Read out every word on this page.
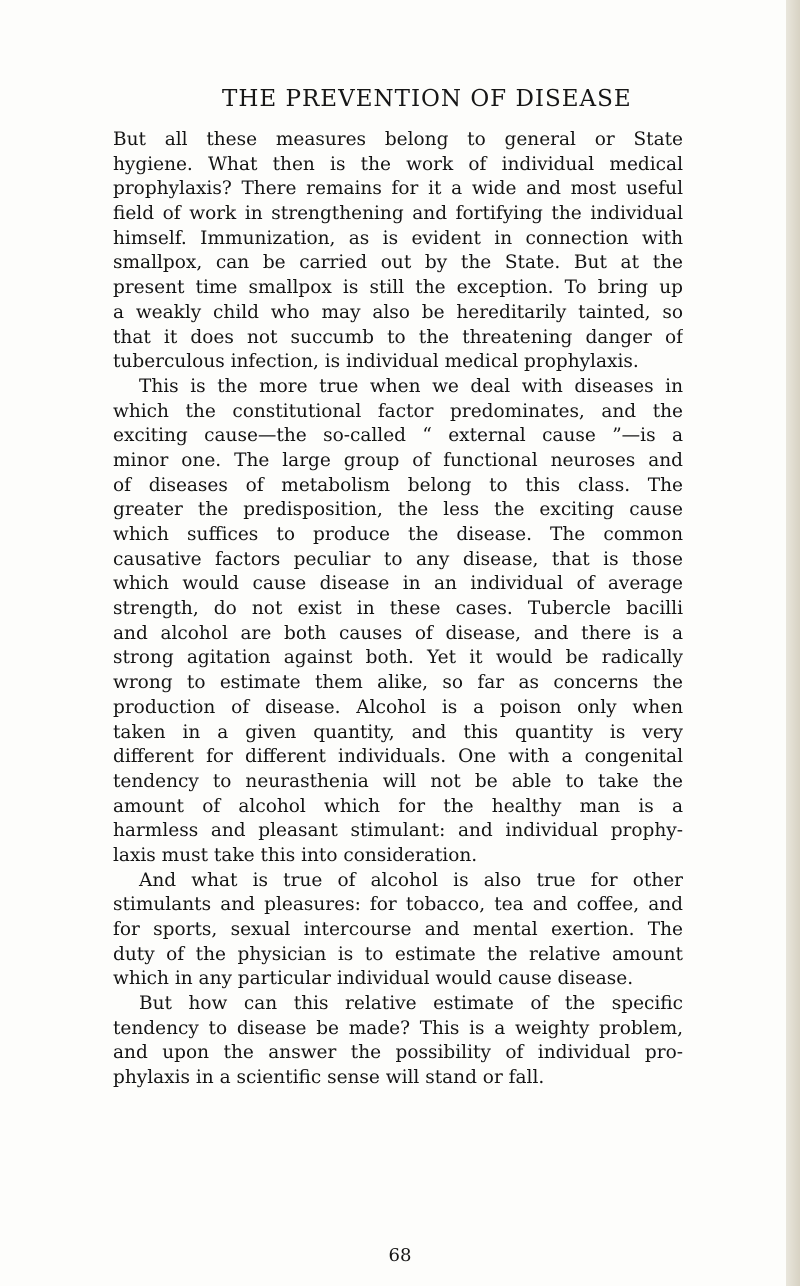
THE PREVENTION OF DISEASE
But all these measures belong to general or State
hygiene. What then is the work of individual medical
prophylaxis? There remains for it a wide and most useful
field of work in strengthening and fortifying the individual
himself. Immunization, as is evident in connection with
smallpox, can be carried out by the State. But at the
present time smallpox is still the exception. To bring up
a weakly child who may also be hereditarily tainted, so
that it does not succumb to the threatening danger of
tuberculous infection, is individual medical prophylaxis.
This is the more true when we deal with diseases in
which the constitutional factor predominates, and the
exciting cause—the so-called “ external cause ”—is a
minor one. The large group of functional neuroses and
of diseases of metabolism belong to this class. The
greater the predisposition, the less the exciting cause
which suffices to produce the disease. The common
causative factors peculiar to any disease, that is those
which would cause disease in an individual of average
strength, do not exist in these cases. Tubercle bacilli
and alcohol are both causes of disease, and there is a
strong agitation against both. Yet it would be radically
wrong to estimate them alike, so far as concerns the
production of disease. Alcohol is a poison only when
taken in a given quantity, and this quantity is very
different for different individuals. One with a congenital
tendency to neurasthenia will not be able to take the
amount of alcohol which for the healthy man is a
harmless and pleasant stimulant: and individual prophy-
laxis must take this into consideration.
And what is true of alcohol is also true for other
stimulants and pleasures: for tobacco, tea and coffee, and
for sports, sexual intercourse and mental exertion. The
duty of the physician is to estimate the relative amount
which in any particular individual would cause disease.
But how can this relative estimate of the specific
tendency to disease be made? This is a weighty problem,
and upon the answer the possibility of individual pro-
phylaxis in a scientific sense will stand or fall.
68
